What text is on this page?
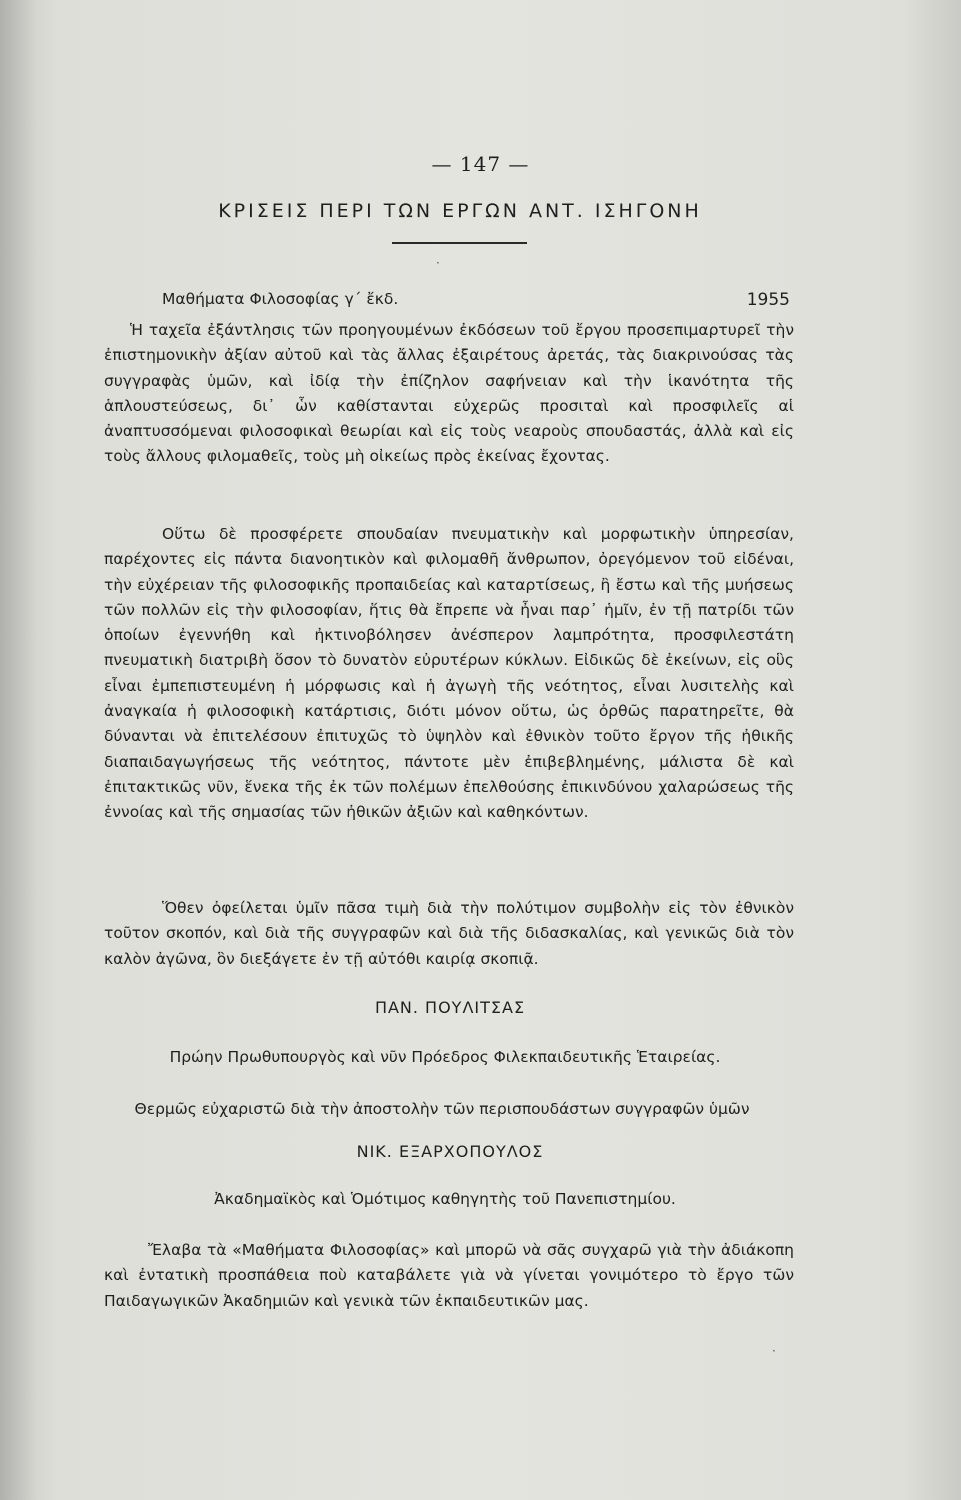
— 147 —
ΚΡΙΣΕΙΣ ΠΕΡΙ ΤΩΝ ΕΡΓΩΝ ΑΝΤ. ΙΣΗΓΟΝΗ
Μαθήματα Φιλοσοφίας γ΄ ἔκδ.	1955

Ἡ ταχεῖα ἐξάντλησις τῶν προηγουμένων ἐκδόσεων τοῦ ἔργου προσεπιμαρτυρεῖ τὴν ἐπιστημονικὴν ἀξίαν αὐτοῦ καὶ τὰς ἄλλας ἐξαιρέτους ἀρετάς, τὰς διακρινούσας τὰς συγγραφὰς ὑμῶν, καὶ ἰδίᾳ τὴν ἐπίζηλον σαφήνειαν καὶ τὴν ἱκανότητα τῆς ἁπλουστεύσεως, δι᾽ ὧν καθίστανται εὐχερῶς προσιταὶ καὶ προσφιλεῖς αἱ ἀναπτυσσόμεναι φιλοσοφικαὶ θεωρίαι καὶ εἰς τοὺς νεαροὺς σπουδαστάς, ἀλλὰ καὶ εἰς τοὺς ἄλλους φιλομαθεῖς, τοὺς μὴ οἰκείως πρὸς ἐκείνας ἔχοντας.

Οὕτω δὲ προσφέρετε σπουδαίαν πνευματικὴν καὶ μορφωτικὴν ὑπηρεσίαν, παρέχοντες εἰς πάντα διανοητικὸν καὶ φιλομαθῆ ἄνθρωπον, ὀρεγόμενον τοῦ εἰδέναι, τὴν εὐχέρειαν τῆς φιλοσοφικῆς προπαιδείας καὶ καταρτίσεως, ἢ ἔστω καὶ τῆς μυήσεως τῶν πολλῶν εἰς τὴν φιλοσοφίαν, ἥτις θὰ ἔπρεπε νὰ ἦναι παρ᾽ ἡμῖν, ἐν τῇ πατρίδι τῶν ὁποίων ἐγεννήθη καὶ ἠκτινοβόλησεν ἀνέσπερον λαμπρότητα, προσφιλεστάτη πνευματικὴ διατριβὴ ὅσον τὸ δυνατὸν εὐρυτέρων κύκλων. Εἰδικῶς δὲ ἐκείνων, εἰς οὓς εἶναι ἐμπεπιστευμένη ἡ μόρφωσις καὶ ἡ ἀγωγὴ τῆς νεότητος, εἶναι λυσιτελὴς καὶ ἀναγκαία ἡ φιλοσοφικὴ κατάρτισις, διότι μόνον οὕτω, ὡς ὀρθῶς παρατηρεῖτε, θὰ δύνανται νὰ ἐπιτελέσουν ἐπιτυχῶς τὸ ὑψηλὸν καὶ ἐθνικὸν τοῦτο ἔργον τῆς ἠθικῆς διαπαιδαγωγήσεως τῆς νεότητος, πάντοτε μὲν ἐπιβεβλημένης, μάλιστα δὲ καὶ ἐπιτακτικῶς νῦν, ἕνεκα τῆς ἐκ τῶν πολέμων ἐπελθούσης ἐπικινδύνου χαλαρώσεως τῆς ἐννοίας καὶ τῆς σημασίας τῶν ἠθικῶν ἀξιῶν καὶ καθηκόντων.

Ὅθεν ὀφείλεται ὑμῖν πᾶσα τιμὴ διὰ τὴν πολύτιμον συμβολὴν εἰς τὸν ἐθνικὸν τοῦτον σκοπόν, καὶ διὰ τῆς συγγραφῶν καὶ διὰ τῆς διδασκαλίας, καὶ γενικῶς διὰ τὸν καλὸν ἀγῶνα, ὃν διεξάγετε ἐν τῇ αὐτόθι καιρίᾳ σκοπιᾷ.

ΠΑΝ. ΠΟΥΛΙΤΣΑΣ
Πρώην Πρωθυπουργὸς καὶ νῦν Πρόεδρος Φιλεκπαιδευτικῆς Ἑταιρείας.
Θερμῶς εὐχαριστῶ διὰ τὴν ἀποστολὴν τῶν περισπουδάστων συγγραφῶν ὑμῶν
ΝΙΚ. ΕΞΑΡΧΟΠΟΥΛΟΣ
Ἀκαδημαϊκὸς καὶ Ὁμότιμος καθηγητὴς τοῦ Πανεπιστημίου.

Ἔλαβα τὰ «Μαθήματα Φιλοσοφίας» καὶ μπορῶ νὰ σᾶς συγχαρῶ γιὰ τὴν ἀδιάκοπη καὶ ἐντατικὴ προσπάθεια ποὺ καταβάλετε γιὰ νὰ γίνεται γονιμότερο τὸ ἔργο τῶν Παιδαγωγικῶν Ἀκαδημιῶν καὶ γενικὰ τῶν ἐκπαιδευτικῶν μας.

·
·
